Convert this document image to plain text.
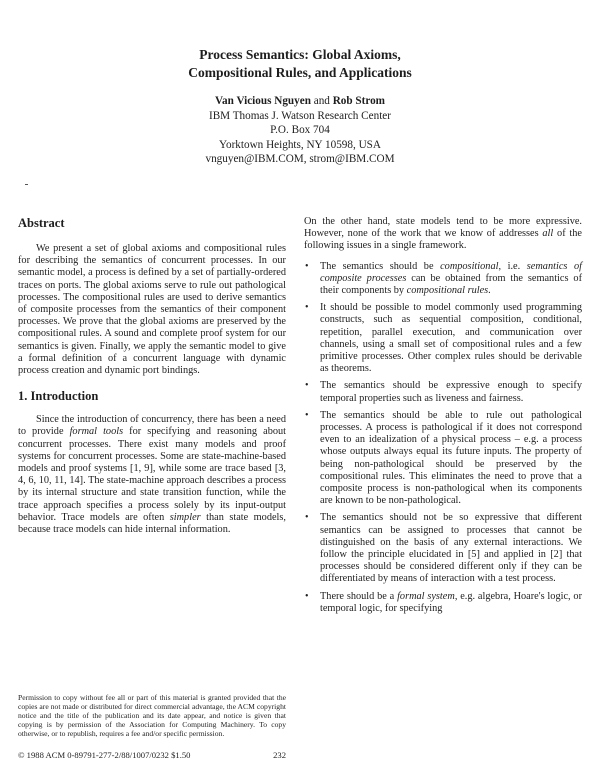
Process Semantics: Global Axioms,
Compositional Rules, and Applications
Van Vicious Nguyen and Rob Strom
IBM Thomas J. Watson Research Center
P.O. Box 704
Yorktown Heights, NY 10598, USA
vnguyen@IBM.COM, strom@IBM.COM
Abstract

We present a set of global axioms and compositional rules for describing the semantics of concurrent processes. In our semantic model, a process is defined by a set of partially-ordered traces on ports. The global axioms serve to rule out pathological processes. The compositional rules are used to derive semantics of composite processes from the semantics of their component processes. We prove that the global axioms are preserved by the compositional rules. A sound and complete proof system for our semantics is given. Finally, we apply the semantic model to give a formal definition of a concurrent language with dynamic process creation and dynamic port bindings.

1. Introduction

Since the introduction of concurrency, there has been a need to provide formal tools for specifying and reasoning about concurrent processes. There exist many models and proof systems for concurrent processes. Some are state-machine-based models and proof systems [1, 9], while some are trace based [3, 4, 6, 10, 11, 14]. The state-machine approach describes a process by its internal structure and state transition function, while the trace approach specifies a process solely by its input-output behavior. Trace models are often simpler than state models, because trace models can hide internal information.

Permission to copy without fee all or part of this material is granted provided that the copies are not made or distributed for direct commercial advantage, the ACM copyright notice and the title of the publication and its date appear, and notice is given that copying is by permission of the Association for Computing Machinery. To copy otherwise, or to republish, requires a fee and/or specific permission.
© 1988 ACM 0-89791-277-2/88/1007/0232 $1.50	232

On the other hand, state models tend to be more expressive. However, none of the work that we know of addresses all of the following issues in a single framework.

• The semantics should be compositional, i.e. semantics of composite processes can be obtained from the semantics of their components by compositional rules.
• It should be possible to model commonly used programming constructs, such as sequential composition, conditional, repetition, parallel execution, and communication over channels, using a small set of compositional rules and a few primitive processes. Other complex rules should be derivable as theorems.
• The semantics should be expressive enough to specify temporal properties such as liveness and fairness.
• The semantics should be able to rule out pathological processes. A process is pathological if it does not correspond even to an idealization of a physical process – e.g. a process whose outputs always equal its future inputs. The property of being non-pathological should be preserved by the compositional rules. This eliminates the need to prove that a composite process is non-pathological when its components are known to be non-pathological.
• The semantics should not be so expressive that different semantics can be assigned to processes that cannot be distinguished on the basis of any external interactions. We follow the principle elucidated in [5] and applied in [2] that processes should be considered different only if they can be differentiated by means of interaction with a test process.
• There should be a formal system, e.g. algebra, Hoare's logic, or temporal logic, for specifying
